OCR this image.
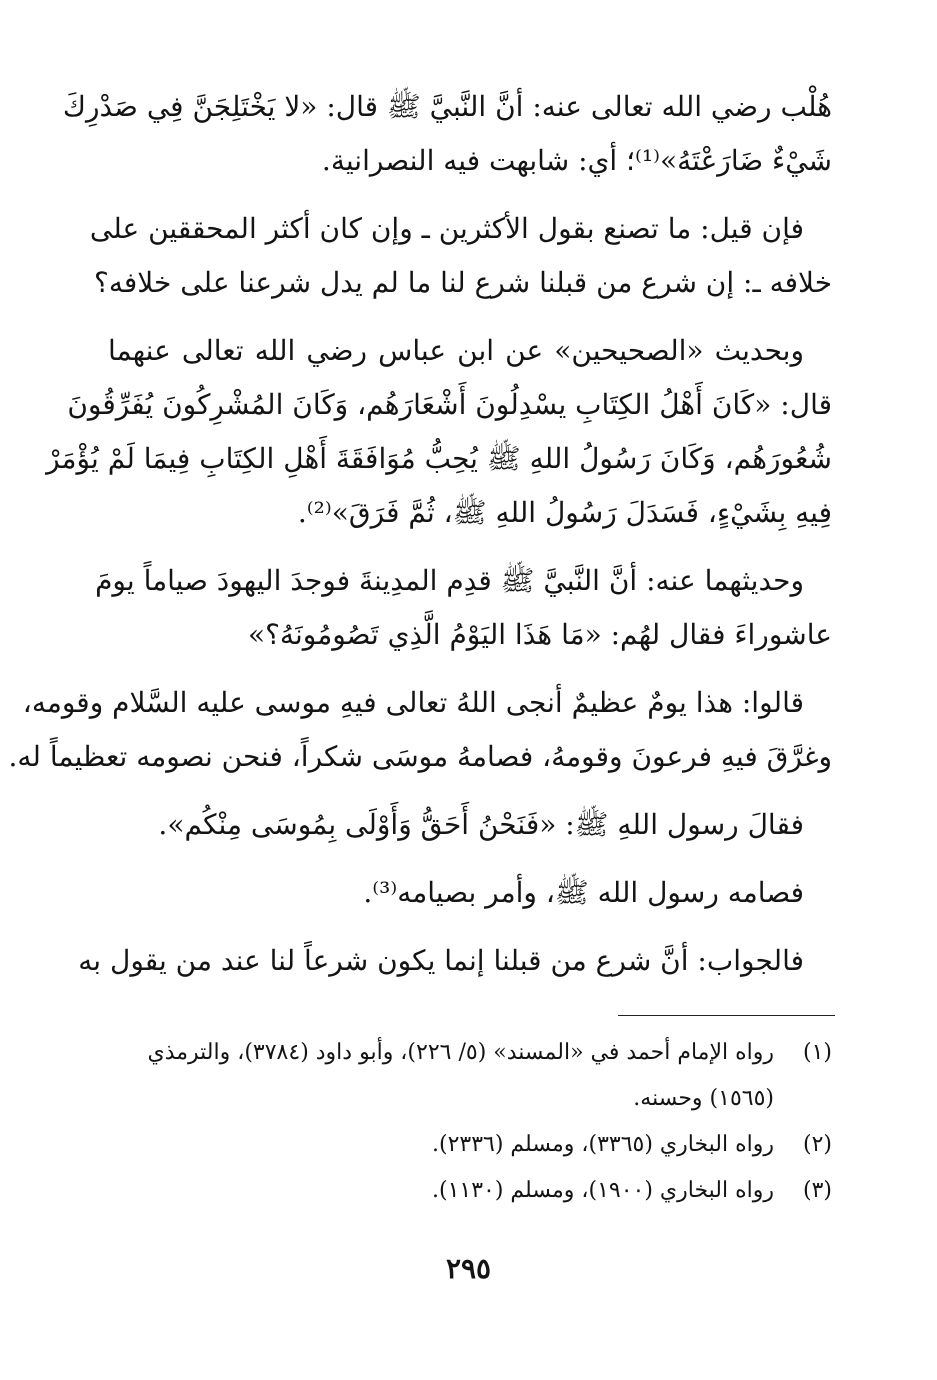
هُلْب رضي الله تعالى عنه: أنَّ النَّبيَّ ﷺ قال: «لا يَخْتَلِجَنَّ فِي صَدْرِكَ
شَيْءٌ ضَارَعْتَهُ»⁽¹⁾؛ أي: شابهت فيه النصرانية.
فإن قيل: ما تصنع بقول الأكثرين ـ وإن كان أكثر المحققين على
خلافه ـ: إن شرع من قبلنا شرع لنا ما لم يدل شرعنا على خلافه؟
وبحديث «الصحيحين» عن ابن عباس رضي الله تعالى عنهما
قال: «كَانَ أَهْلُ الكِتَابِ يسْدِلُونَ أَشْعَارَهُم، وَكَانَ المُشْرِكُونَ يُفَرِّقُونَ
شُعُورَهُم، وَكَانَ رَسُولُ اللهِ ﷺ يُحِبُّ مُوَافَقَةَ أَهْلِ الكِتَابِ فِيمَا لَمْ يُؤْمَرْ
فِيهِ بِشَيْءٍ، فَسَدَلَ رَسُولُ اللهِ ﷺ، ثُمَّ فَرَقَ»⁽²⁾.
وحديثهما عنه: أنَّ النَّبيَّ ﷺ قدِم المدِينةَ فوجدَ اليهودَ صياماً يومَ
عاشوراءَ فقال لهُم: «مَا هَذَا اليَوْمُ الَّذِي تَصُومُونَهُ؟»
قالوا: هذا يومٌ عظيمٌ أنجى اللهُ تعالى فيهِ موسى عليه السَّلام وقومه،
وغرَّقَ فيهِ فرعونَ وقومهُ، فصامهُ موسَى شكراً، فنحن نصومه تعظيماً له.
فقالَ رسول اللهِ ﷺ: «فَنَحْنُ أَحَقُّ وَأَوْلَى بِمُوسَى مِنْكُم».
فصامه رسول الله ﷺ، وأمر بصيامه⁽³⁾.
فالجواب: أنَّ شرع من قبلنا إنما يكون شرعاً لنا عند من يقول به
(١)
رواه الإمام أحمد في «المسند» (٥/ ٢٢٦)، وأبو داود (٣٧٨٤)، والترمذي
(١٥٦٥) وحسنه.
(٢)
رواه البخاري (٣٣٦٥)، ومسلم (٢٣٣٦).
(٣)
رواه البخاري (١٩٠٠)، ومسلم (١١٣٠).
٢٩٥
